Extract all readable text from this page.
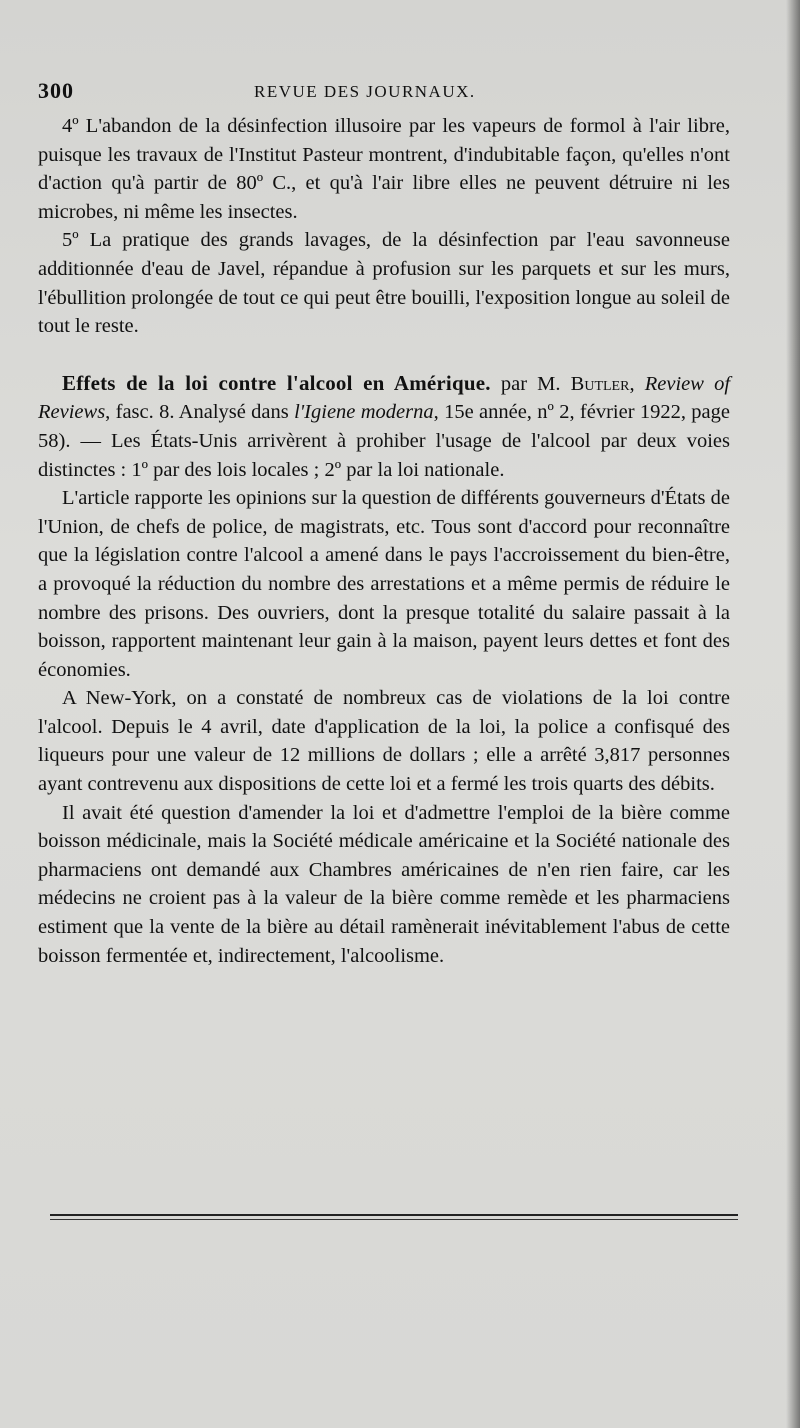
300	REVUE DES JOURNAUX.

4º L'abandon de la désinfection illusoire par les vapeurs de formol à l'air libre, puisque les travaux de l'Institut Pasteur montrent, d'indubitable façon, qu'elles n'ont d'action qu'à partir de 80º C., et qu'à l'air libre elles ne peuvent détruire ni les microbes, ni même les insectes.

5º La pratique des grands lavages, de la désinfection par l'eau savonneuse additionnée d'eau de Javel, répandue à profusion sur les parquets et sur les murs, l'ébullition prolongée de tout ce qui peut être bouilli, l'exposition longue au soleil de tout le reste.

Effets de la loi contre l'alcool en Amérique. par M. Butler, Review of Reviews, fasc. 8. Analysé dans l'Igiene moderna, 15e année, nº 2, février 1922, page 58). — Les États-Unis arrivèrent à prohiber l'usage de l'alcool par deux voies distinctes : 1º par des lois locales ; 2º par la loi nationale.

L'article rapporte les opinions sur la question de différents gouverneurs d'États de l'Union, de chefs de police, de magistrats, etc. Tous sont d'accord pour reconnaître que la législation contre l'alcool a amené dans le pays l'accroissement du bien-être, a provoqué la réduction du nombre des arrestations et a même permis de réduire le nombre des prisons. Des ouvriers, dont la presque totalité du salaire passait à la boisson, rapportent maintenant leur gain à la maison, payent leurs dettes et font des économies.

A New-York, on a constaté de nombreux cas de violations de la loi contre l'alcool. Depuis le 4 avril, date d'application de la loi, la police a confisqué des liqueurs pour une valeur de 12 millions de dollars ; elle a arrêté 3,817 personnes ayant contrevenu aux dispositions de cette loi et a fermé les trois quarts des débits.

Il avait été question d'amender la loi et d'admettre l'emploi de la bière comme boisson médicinale, mais la Société médicale américaine et la Société nationale des pharmaciens ont demandé aux Chambres américaines de n'en rien faire, car les médecins ne croient pas à la valeur de la bière comme remède et les pharmaciens estiment que la vente de la bière au détail ramènerait inévitablement l'abus de cette boisson fermentée et, indirectement, l'alcoolisme.
